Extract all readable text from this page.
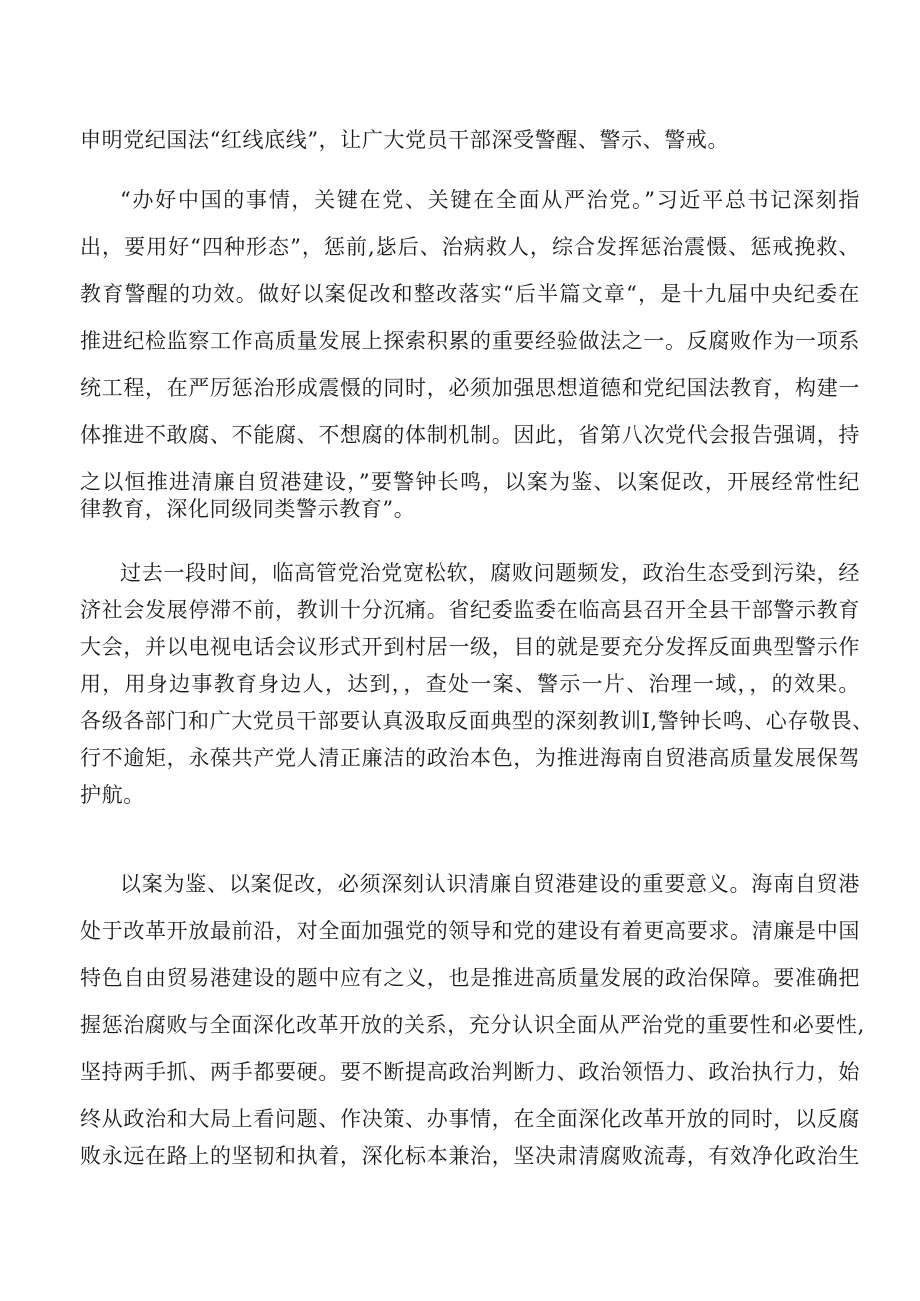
申明党纪国法“红线底线”，让广大党员干部深受警醒、警示、警戒。
“办好中国的事情，关键在党、关键在全面从严治党。”习近平总书记深刻指
出，要用好“四种形态”，惩前,毖后、治病救人，综合发挥惩治震慑、惩戒挽救、
教育警醒的功效。做好以案促改和整改落实“后半篇文章“，是十九届中央纪委在
推进纪检监察工作高质量发展上探索积累的重要经验做法之一。反腐败作为一项系
统工程，在严厉惩治形成震慑的同时，必须加强思想道德和党纪国法教育，构建一
体推进不敢腐、不能腐、不想腐的体制机制。因此，省第八次党代会报告强调，持
之以恒推进清廉自贸港建设，”要警钟长鸣，以案为鉴、以案促改，开展经常性纪
律教育，深化同级同类警示教育”。
过去一段时间，临高管党治党宽松软，腐败问题频发，政治生态受到污染，经
济社会发展停滞不前，教训十分沉痛。省纪委监委在临高县召开全县干部警示教育
大会，并以电视电话会议形式开到村居一级，目的就是要充分发挥反面典型警示作
用，用身边事教育身边人，达到，，查处一案、警示一片、治理一域，，的效果。
各级各部门和广大党员干部要认真汲取反面典型的深刻教训I,警钟长鸣、心存敬畏、
行不逾矩，永葆共产党人清正廉洁的政治本色，为推进海南自贸港高质量发展保驾
护航。
以案为鉴、以案促改，必须深刻认识清廉自贸港建设的重要意义。海南自贸港
处于改革开放最前沿，对全面加强党的领导和党的建设有着更高要求。清廉是中国
特色自由贸易港建设的题中应有之义，也是推进高质量发展的政治保障。要准确把
握惩治腐败与全面深化改革开放的关系，充分认识全面从严治党的重要性和必要性,
坚持两手抓、两手都要硬。要不断提高政治判断力、政治领悟力、政治执行力，始
终从政治和大局上看问题、作决策、办事情，在全面深化改革开放的同时，以反腐
败永远在路上的坚韧和执着，深化标本兼治，坚决肃清腐败流毒，有效净化政治生
